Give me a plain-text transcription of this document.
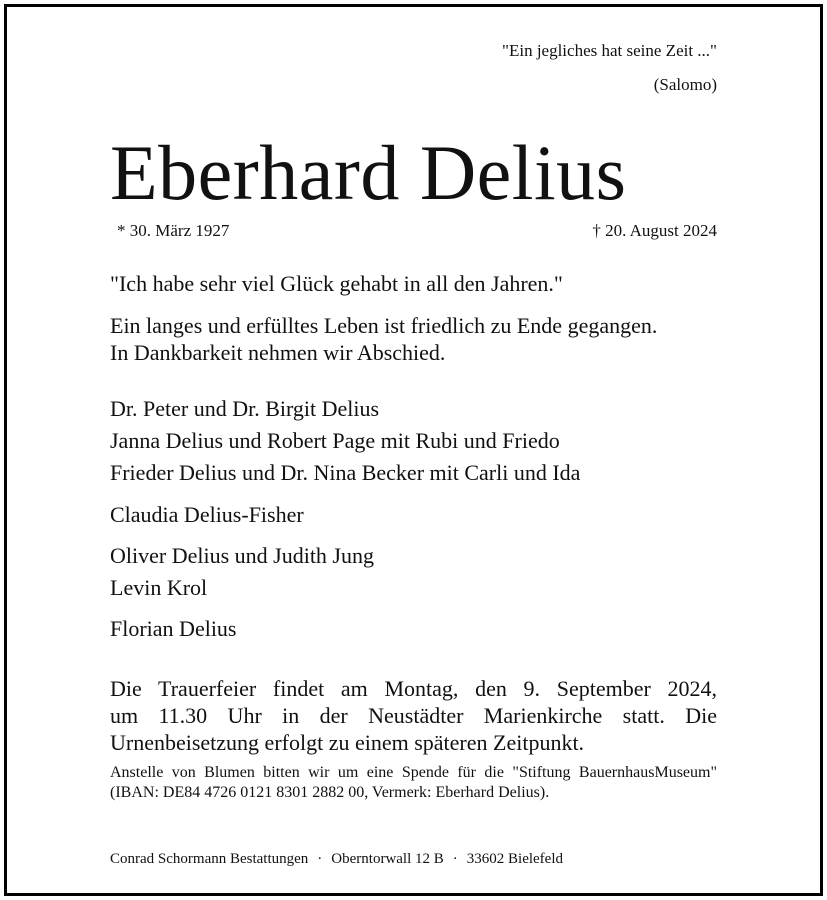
"Ein jegliches hat seine Zeit ..."
(Salomo)
Eberhard Delius
* 30. März 1927	† 20. August 2024
"Ich habe sehr viel Glück gehabt in all den Jahren."
Ein langes und erfülltes Leben ist friedlich zu Ende gegangen.
In Dankbarkeit nehmen wir Abschied.
Dr. Peter und Dr. Birgit Delius
Janna Delius und Robert Page mit Rubi und Friedo
Frieder Delius und Dr. Nina Becker mit Carli und Ida
Claudia Delius-Fisher
Oliver Delius und Judith Jung
Levin Krol
Florian Delius
Die Trauerfeier findet am Montag, den 9. September 2024,
um 11.30 Uhr in der Neustädter Marienkirche statt. Die
Urnenbeisetzung erfolgt zu einem späteren Zeitpunkt.
Anstelle von Blumen bitten wir um eine Spende für die "Stiftung BauernhausMuseum" (IBAN: DE84 4726 0121 8301 2882 00, Vermerk: Eberhard Delius).
Conrad Schormann Bestattungen · Oberntorwall 12 B · 33602 Bielefeld
